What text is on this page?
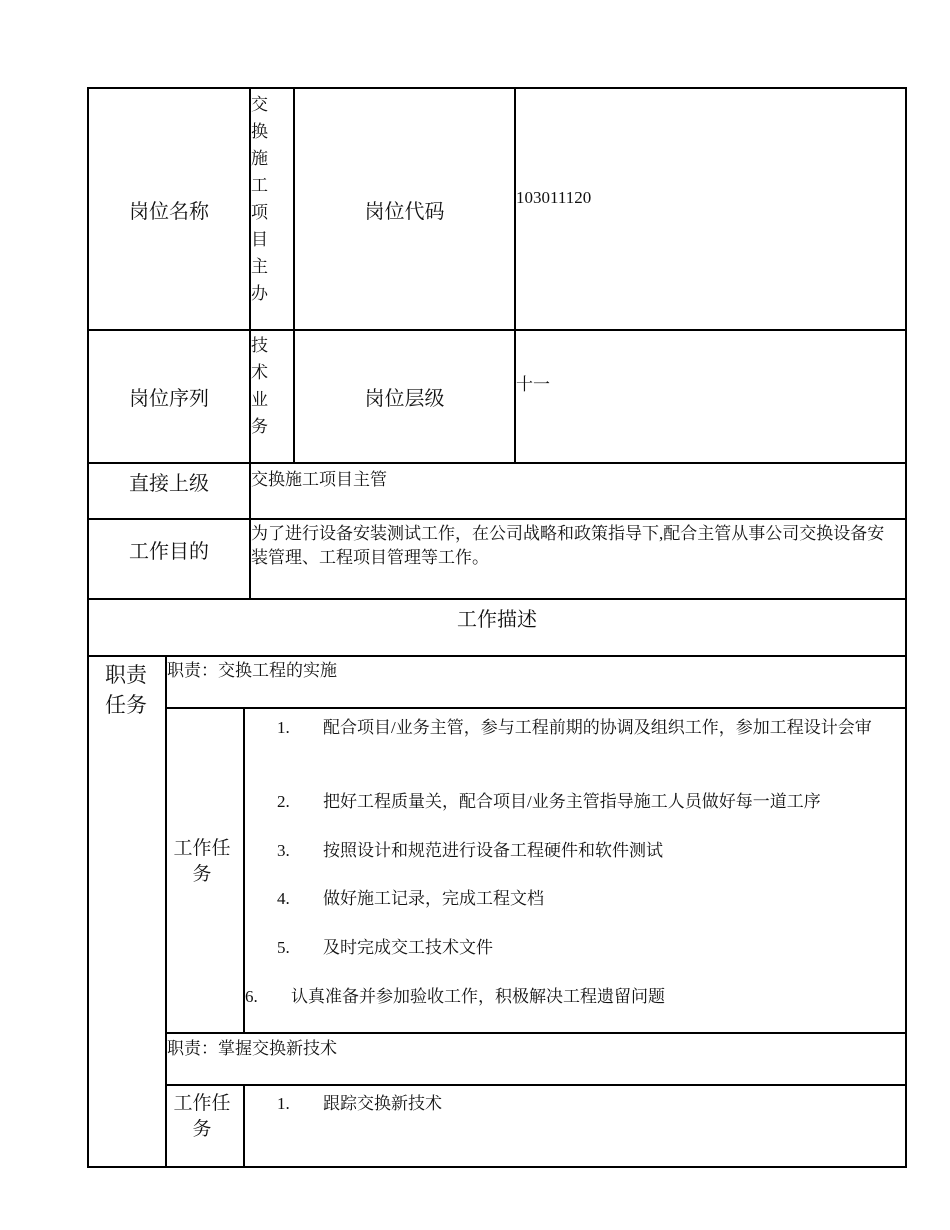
岗位名称
交换施工项目主办
岗位代码
103011120
岗位序列
技术业务
岗位层级
十一
直接上级	交换施工项目主管
工作目的
为了进行设备安装测试工作，在公司战略和政策指导下,配合主管从事公司交换设备安装管理、工程项目管理等工作。
工作描述
职责任务
职责：交换工程的实施
工作任务
1. 配合项目/业务主管，参与工程前期的协调及组织工作，参加工程设计会审
2. 把好工程质量关，配合项目/业务主管指导施工人员做好每一道工序
3. 按照设计和规范进行设备工程硬件和软件测试
4. 做好施工记录，完成工程文档
5. 及时完成交工技术文件
6. 认真准备并参加验收工作，积极解决工程遗留问题
职责：掌握交换新技术
工作任务
1. 跟踪交换新技术
